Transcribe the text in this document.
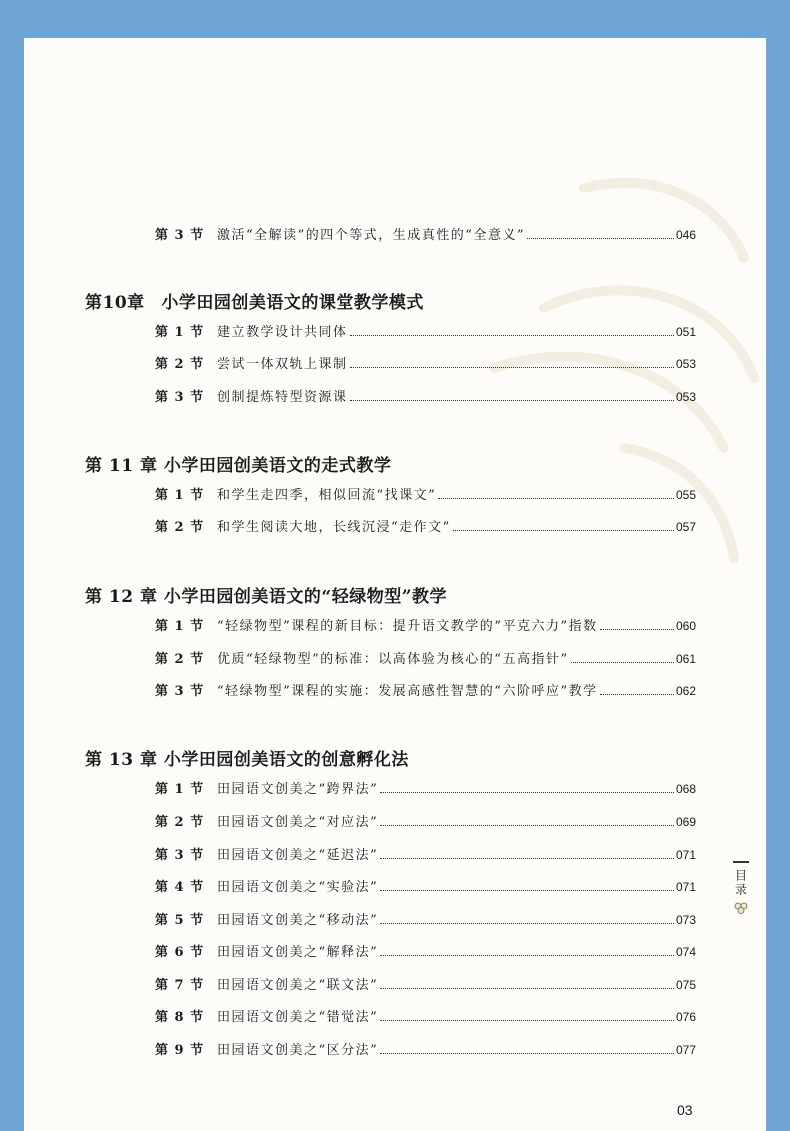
第 3 节 激活“全解读”的四个等式，生成真性的“全意义”	046
第10章 小学田园创美语文的课堂教学模式
第 1 节 建立教学设计共同体	051
第 2 节 尝试一体双轨上课制	053
第 3 节 创制提炼特型资源课	053
第 11 章 小学田园创美语文的走式教学
第 1 节 和学生走四季，相似回流“找课文”	055
第 2 节 和学生阅读大地，长线沉浸“走作文”	057
第 12 章 小学田园创美语文的“轻绿物型”教学
第 1 节 “轻绿物型”课程的新目标：提升语文教学的“平克六力”指数	060
第 2 节 优质“轻绿物型”的标准：以高体验为核心的“五高指针”	061
第 3 节 “轻绿物型”课程的实施：发展高感性智慧的“六阶呼应”教学	062
第 13 章 小学田园创美语文的创意孵化法
第 1 节 田园语文创美之“跨界法”	068
第 2 节 田园语文创美之“对应法”	069
第 3 节 田园语文创美之“延迟法”	071
第 4 节 田园语文创美之“实验法”	071
第 5 节 田园语文创美之“移动法”	073
第 6 节 田园语文创美之“解释法”	074
第 7 节 田园语文创美之“联文法”	075
第 8 节 田园语文创美之“错觉法”	076
第 9 节 田园语文创美之“区分法”	077
目录
03
